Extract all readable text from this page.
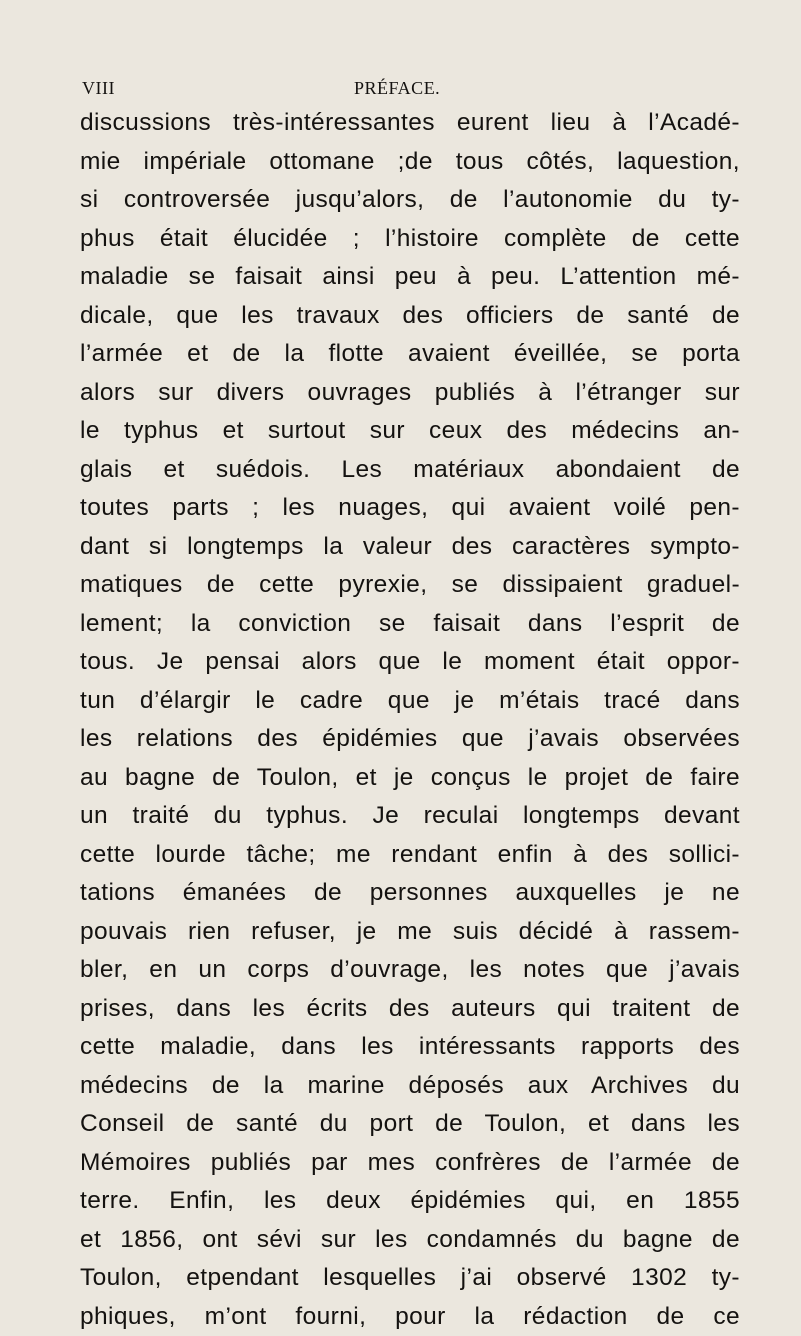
VIII	PRÉFACE.
discussions très-intéressantes eurent lieu à l’Acadé-
mie impériale ottomane ;de tous côtés, laquestion,
si controversée jusqu’alors, de l’autonomie du ty-
phus était élucidée ; l’histoire complète de cette
maladie se faisait ainsi peu à peu. L’attention mé-
dicale, que les travaux des officiers de santé de
l’armée et de la flotte avaient éveillée, se porta
alors sur divers ouvrages publiés à l’étranger sur
le typhus et surtout sur ceux des médecins an-
glais et suédois. Les matériaux abondaient de
toutes parts ; les nuages, qui avaient voilé pen-
dant si longtemps la valeur des caractères sympto-
matiques de cette pyrexie, se dissipaient graduel-
lement; la conviction se faisait dans l’esprit de
tous. Je pensai alors que le moment était oppor-
tun d’élargir le cadre que je m’étais tracé dans
les relations des épidémies que j’avais observées
au bagne de Toulon, et je conçus le projet de faire
un traité du typhus. Je reculai longtemps devant
cette lourde tâche; me rendant enfin à des sollici-
tations émanées de personnes auxquelles je ne
pouvais rien refuser, je me suis décidé à rassem-
bler, en un corps d’ouvrage, les notes que j’avais
prises, dans les écrits des auteurs qui traitent de
cette maladie, dans les intéressants rapports des
médecins de la marine déposés aux Archives du
Conseil de santé du port de Toulon, et dans les
Mémoires publiés par mes confrères de l’armée de
terre. Enfin, les deux épidémies qui, en 1855
et 1856, ont sévi sur les condamnés du bagne de
Toulon, etpendant lesquelles j’ai observé 1302 ty-
phiques, m’ont fourni, pour la rédaction de ce
